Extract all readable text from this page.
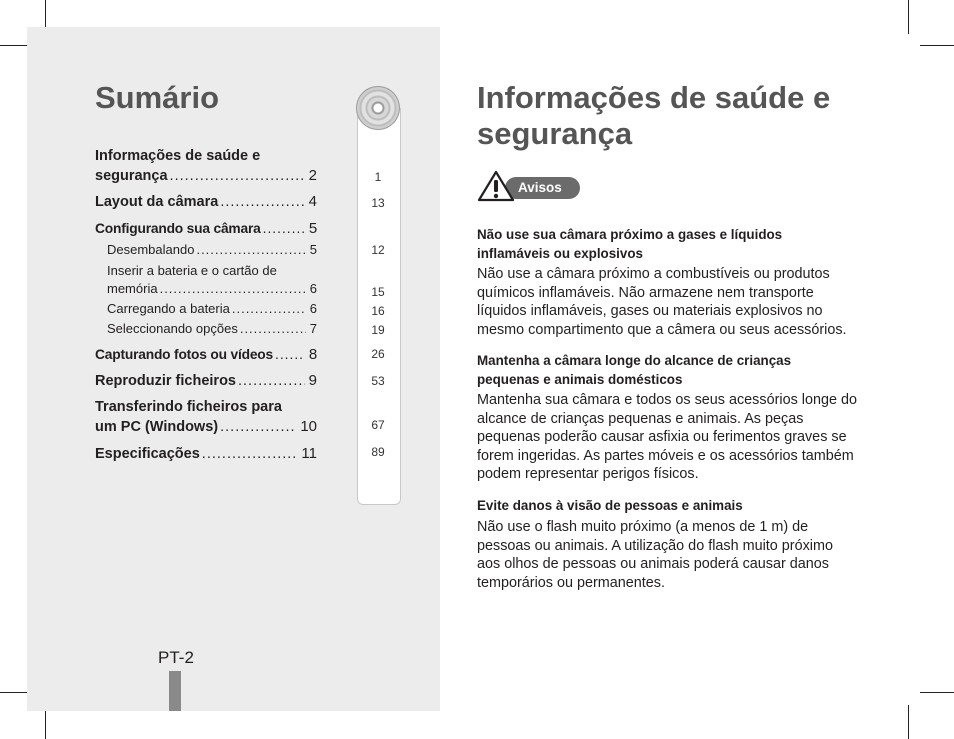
Sumário
1
13
12
15
16
19
26
53
67
89
Informações de saúde e
segurança .....	2
Layout da câmara .....	4
Configurando sua câmara .....	5
Desembalando .....	5
Inserir a bateria e o cartão de
memória .....	6
Carregando a bateria .....	6
Seleccionando opções .....	7
Capturando fotos ou vídeos ..... 8
Reproduzir ficheiros .....	9
Transferindo ficheiros para
um PC (Windows) .....	10
Especificações .....	11
PT-2
Informações de saúde e segurança
Avisos
Não use sua câmara próximo a gases e líquidos inflamáveis ou explosivos
Não use a câmara próximo a combustíveis ou produtos químicos inflamáveis. Não armazene nem transporte líquidos inflamáveis, gases ou materiais explosivos no mesmo compartimento que a câmera ou seus acessórios.
Mantenha a câmara longe do alcance de crianças pequenas e animais domésticos
Mantenha sua câmara e todos os seus acessórios longe do alcance de crianças pequenas e animais. As peças pequenas poderão causar asfixia ou ferimentos graves se forem ingeridas. As partes móveis e os acessórios também podem representar perigos físicos.
Evite danos à visão de pessoas e animais
Não use o flash muito próximo (a menos de 1 m) de pessoas ou animais. A utilização do flash muito próximo aos olhos de pessoas ou animais poderá causar danos temporários ou permanentes.
